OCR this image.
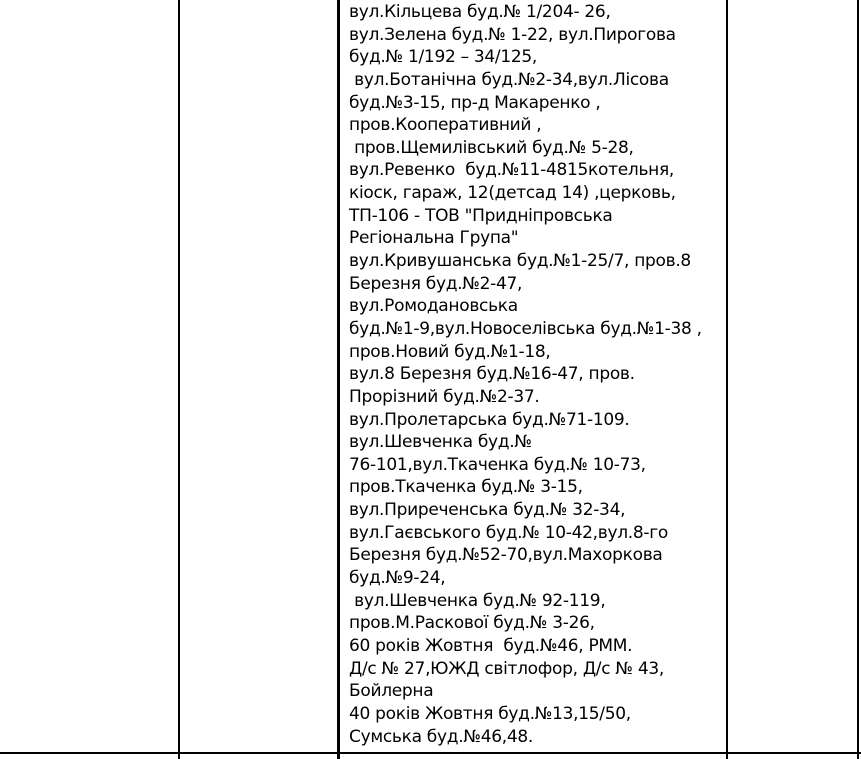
вул.Кільцева буд.№ 1/204- 26,
вул.Зелена буд.№ 1-22, вул.Пирогова
буд.№ 1/192 – 34/125,
вул.Ботанічна буд.№2-34,вул.Лісова
буд.№3-15, пр-д Макаренко ,
пров.Кооперативний ,
пров.Щемилівський буд.№ 5-28,
вул.Ревенко  буд.№11-4815котельня,
кіоск, гараж, 12(детсад 14) ,церковь,
ТП-106 - ТОВ "Придніпровська
Регіональна Група"
вул.Кривушанська буд.№1-25/7, пров.8
Березня буд.№2-47,
вул.Ромодановська
буд.№1-9,вул.Новоселівська буд.№1-38 ,
пров.Новий буд.№1-18,
вул.8 Березня буд.№16-47, пров.
Прорізний буд.№2-37.
вул.Пролетарська буд.№71-109.
вул.Шевченка буд.№
76-101,вул.Ткаченка буд.№ 10-73,
пров.Ткаченка буд.№ 3-15,
вул.Приреченська буд.№ 32-34,
вул.Гаєвського буд.№ 10-42,вул.8-го
Березня буд.№52-70,вул.Махоркова
буд.№9-24,
вул.Шевченка буд.№ 92-119,
пров.М.Раскової буд.№ 3-26,
60 років Жовтня  буд.№46, РММ.
Д/с № 27,ЮЖД світлофор, Д/с № 43,
Бойлерна
40 років Жовтня буд.№13,15/50,
Сумська буд.№46,48.
